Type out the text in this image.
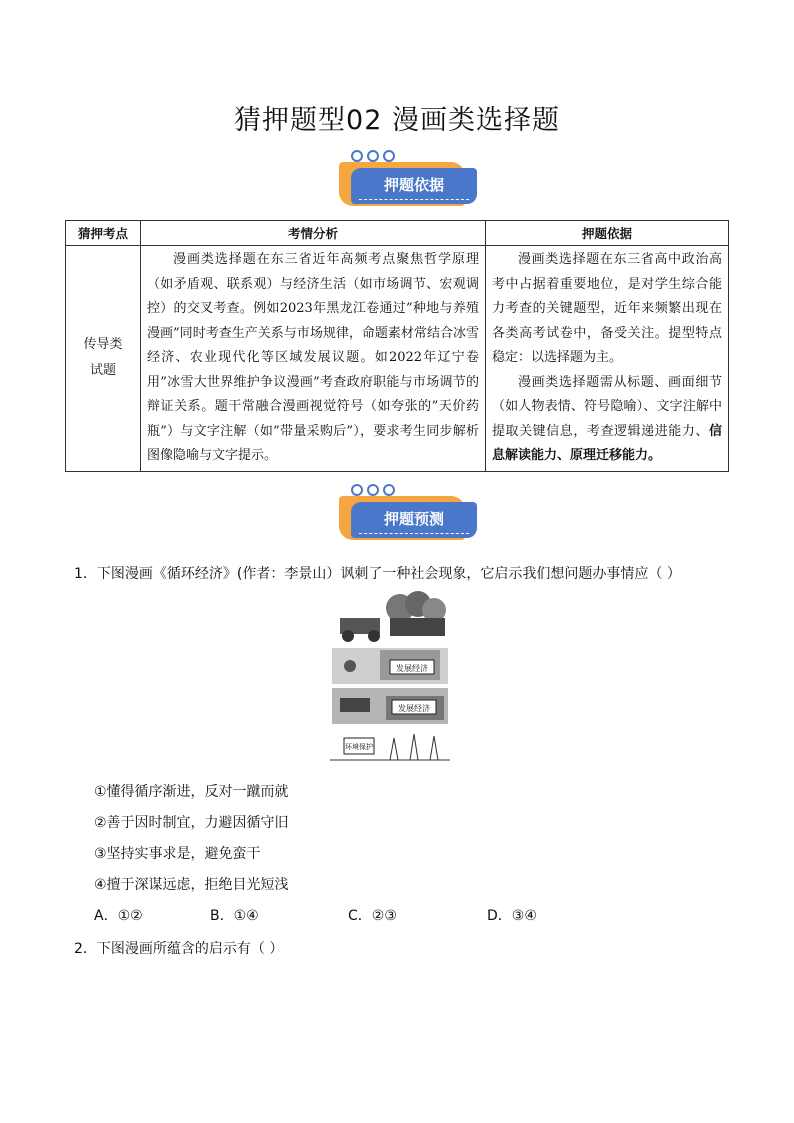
猜押题型02 漫画类选择题
押题依据
猜押考点	考情分析	押题依据
传导类试题	漫画类选择题在东三省近年高频考点聚焦哲学原理（如矛盾观、联系观）与经济生活（如市场调节、宏观调控）的交叉考查。例如2023年黑龙江卷通过”种地与养殖漫画”同时考查生产关系与市场规律，命题素材常结合冰雪经济、农业现代化等区域发展议题。如2022年辽宁卷用”冰雪大世界维护争议漫画”考查政府职能与市场调节的辩证关系。题干常融合漫画视觉符号（如夸张的”天价药瓶”）与文字注解（如”带量采购后”），要求考生同步解析图像隐喻与文字提示。	漫画类选择题在东三省高中政治高考中占据着重要地位，是对学生综合能力考查的关键题型，近年来频繁出现在各类高考试卷中，备受关注。提型特点稳定：以选择题为主。

漫画类选择题需从标题、画面细节（如人物表情、符号隐喻）、文字注解中提取关键信息，考查逻辑递进能力、信息解读能力、原理迁移能力。

押题预测
1．下图漫画《循环经济》(作者：李景山）讽刺了一种社会现象，它启示我们想问题办事情应（ ）
发展经济
发展经济
环境保护
①懂得循序渐进，反对一蹴而就
②善于因时制宜，力避因循守旧
③坚持实事求是，避免蛮干
④擅于深谋远虑，拒绝目光短浅
A．①②	B．①④	C．②③	D．③④
2．下图漫画所蕴含的启示有（ ）
